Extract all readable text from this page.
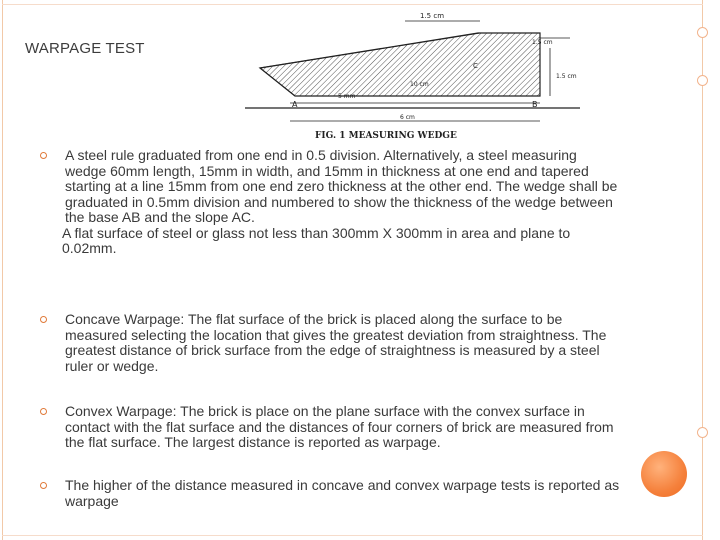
WARPAGE TEST
1.5 cm
1.5 cm
10 cm
5 mm
1.5 cm
6 cm
A	B
C
FIG. 1 MEASURING WEDGE
A steel rule graduated from one end in 0.5 division. Alternatively, a steel measuring wedge 60mm length, 15mm in width, and 15mm in thickness at one end and tapered starting at a line 15mm from one end zero thickness at the other end. The wedge shall be graduated in 0.5mm division and numbered to show the thickness of the wedge between the base AB and the slope AC.
A flat surface of steel or glass not less than 300mm X 300mm in area and plane to 0.02mm.
Concave Warpage: The flat surface of the brick is placed along the surface to be measured selecting the location that gives the greatest deviation from straightness. The greatest distance of brick surface from the edge of straightness is measured by a steel ruler or wedge.
Convex Warpage: The brick is place on the plane surface with the convex surface in contact with the flat surface and the distances of four corners of brick are measured from the flat surface. The largest distance is reported as warpage.
The higher of the distance measured in concave and convex warpage tests is reported as warpage
